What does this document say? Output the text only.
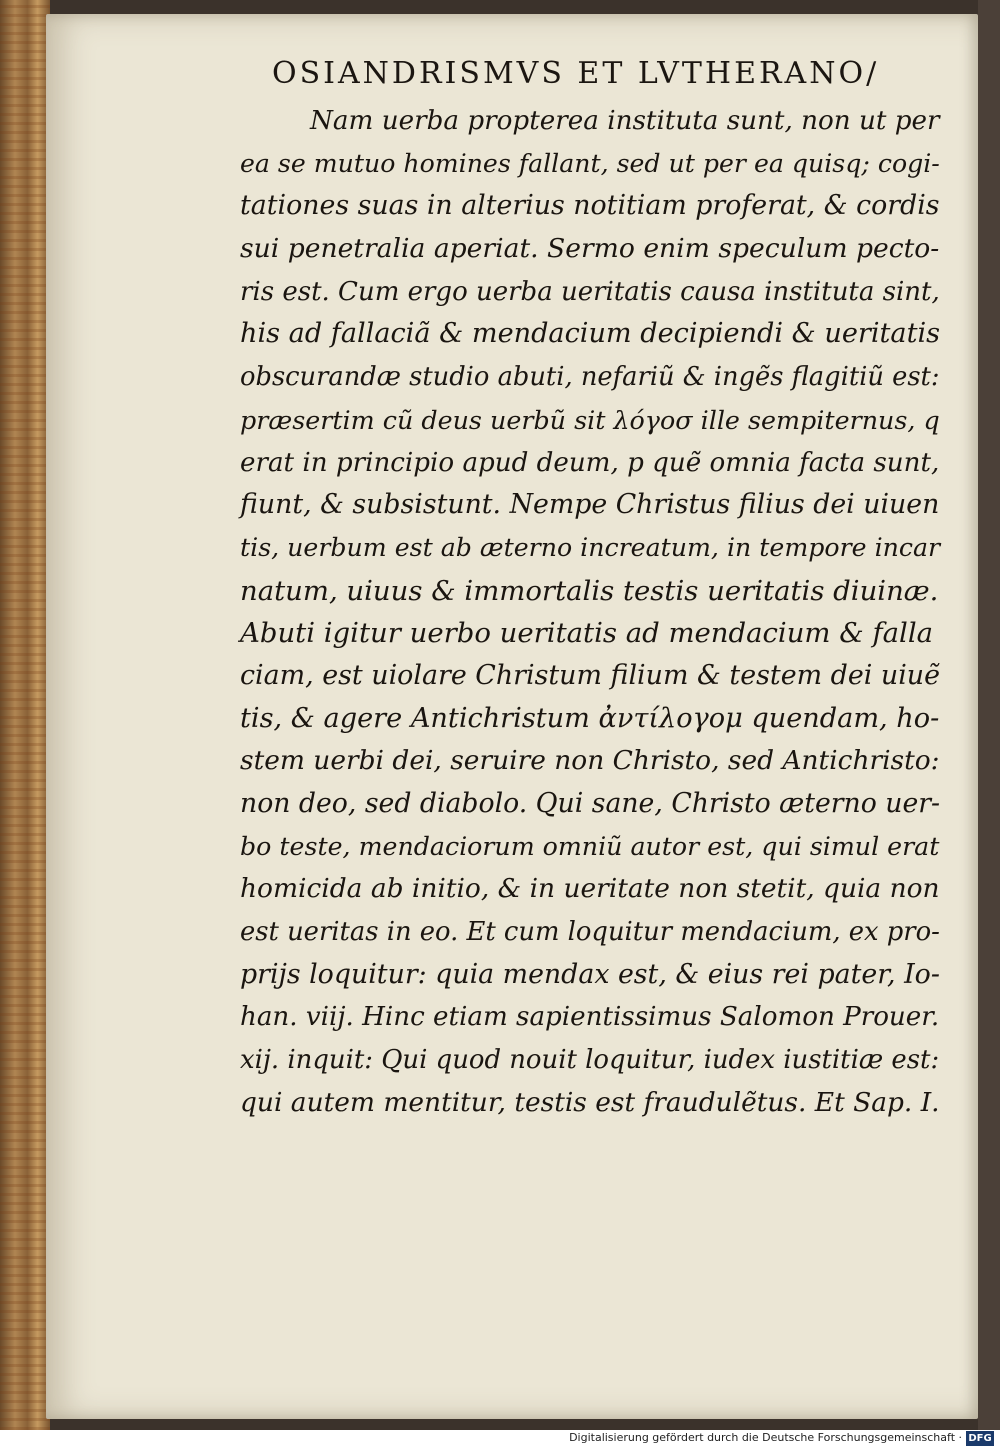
OSIANDRISMVS ET LVTHERANO/
Nam uerba propterea instituta sunt, non ut per
ea se mutuo homines fallant, sed ut per ea quisq; cogi-
tationes suas in alterius notitiam proferat, & cordis
sui penetralia aperiat. Sermo enim speculum pecto-
ris est. Cum ergo uerba ueritatis causa instituta sint,
his ad fallaciã & mendacium decipiendi & ueritatis
obscurandæ studio abuti, nefariũ & ingẽs flagitiũ est:
præsertim cũ deus uerbũ sit λόγοσ ille sempiternus, q
erat in principio apud deum, p quẽ omnia facta sunt,
fiunt, & subsistunt. Nempe Christus filius dei uiuen
tis, uerbum est ab æterno increatum, in tempore incar
natum, uiuus & immortalis testis ueritatis diuinæ.
Abuti igitur uerbo ueritatis ad mendacium & falla
ciam, est uiolare Christum filium & testem dei uiuẽ
tis, & agere Antichristum ἀντίλογομ quendam, ho-
stem uerbi dei, seruire non Christo, sed Antichristo:
non deo, sed diabolo. Qui sane, Christo æterno uer-
bo teste, mendaciorum omniũ autor est, qui simul erat
homicida ab initio, & in ueritate non stetit, quia non
est ueritas in eo. Et cum loquitur mendacium, ex pro-
prijs loquitur: quia mendax est, & eius rei pater, Io-
han. viij. Hinc etiam sapientissimus Salomon Prouer.
xij. inquit: Qui quod nouit loquitur, iudex iustitiæ est:
qui autem mentitur, testis est fraudulẽtus. Et Sap. I.
Digitalisierung gefördert durch die Deutsche Forschungsgemeinschaft · DFG
